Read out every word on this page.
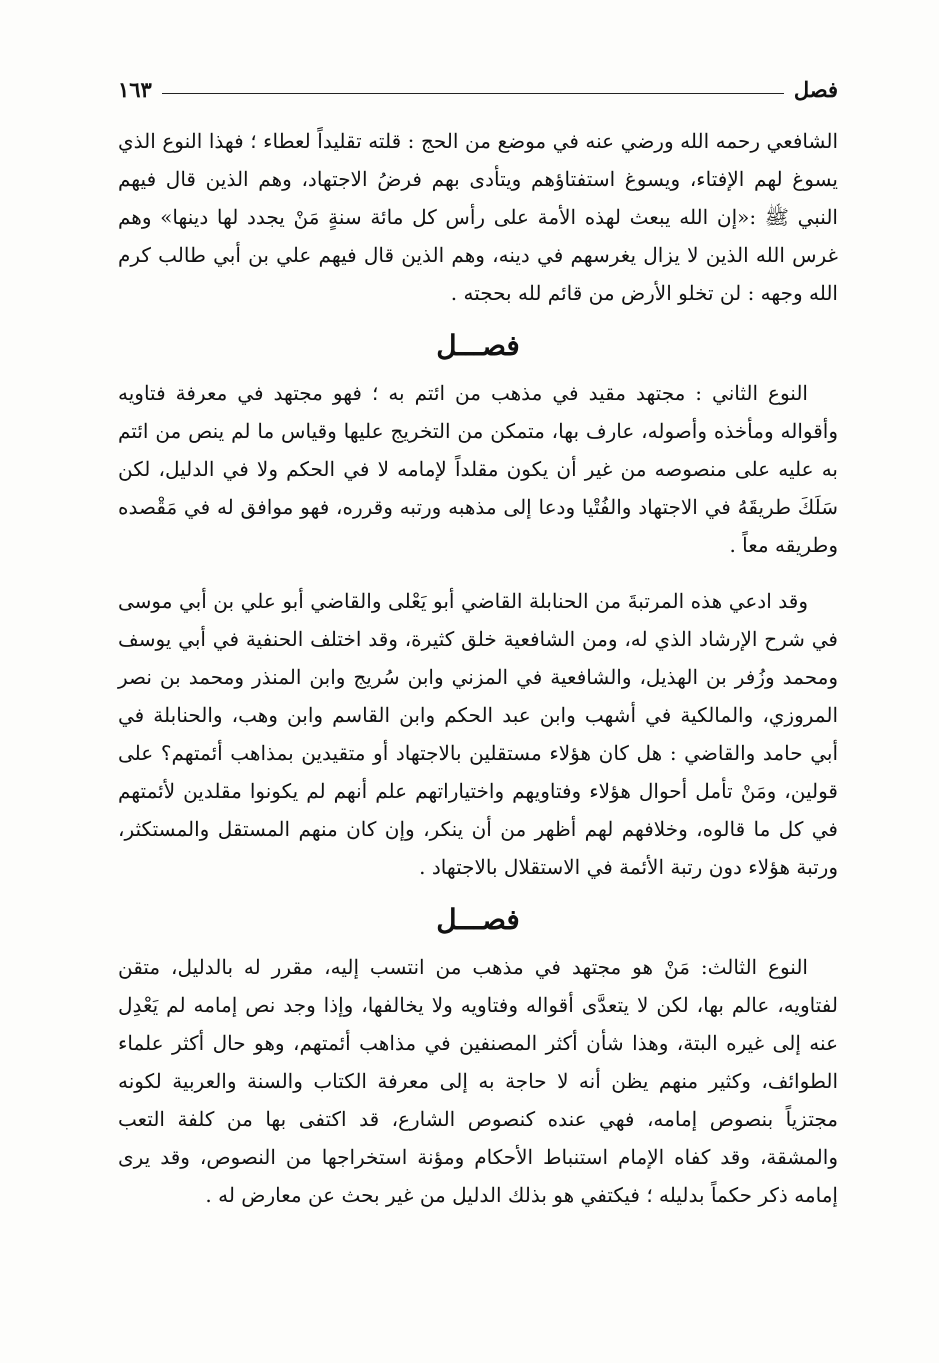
فصل
١٦٣

الشافعي رحمه الله ورضي عنه في موضع من الحج : قلته تقليداً لعطاء ؛ فهذا النوع الذي يسوغ لهم الإفتاء، ويسوغ استفتاؤهم ويتأدى بهم فرضُ الاجتهاد، وهم الذين قال فيهم النبي ﷺ :«إن الله يبعث لهذه الأمة على رأس كل مائة سنةٍ مَنْ يجدد لها دينها» وهم غرس الله الذين لا يزال يغرسهم في دينه، وهم الذين قال فيهم علي بن أبي طالب كرم الله وجهه : لن تخلو الأرض من قائم لله بحجته .

فصـــل

النوع الثاني : مجتهد مقيد في مذهب من ائتم به ؛ فهو مجتهد في معرفة فتاويه وأقواله ومأخذه وأصوله، عارف بها، متمكن من التخريج عليها وقياس ما لم ينص من ائتم به عليه على منصوصه من غير أن يكون مقلداً لإمامه لا في الحكم ولا في الدليل، لكن سَلَكَ طريقَهُ في الاجتهاد والفُتْيا ودعا إلى مذهبه ورتبه وقرره، فهو موافق له في مَقْصده وطريقه معاً .

وقد ادعي هذه المرتبةَ من الحنابلة القاضي أبو يَعْلى والقاضي أبو علي بن أبي موسى في شرح الإرشاد الذي له، ومن الشافعية خلق كثيرة، وقد اختلف الحنفية في أبي يوسف ومحمد وزُفر بن الهذيل، والشافعية في المزني وابن سُريج وابن المنذر ومحمد بن نصر المروزي، والمالكية في أشهب وابن عبد الحكم وابن القاسم وابن وهب، والحنابلة في أبي حامد والقاضي : هل كان هؤلاء مستقلين بالاجتهاد أو متقيدين بمذاهب أئمتهم؟ على قولين، ومَنْ تأمل أحوال هؤلاء وفتاويهم واختياراتهم علم أنهم لم يكونوا مقلدين لأئمتهم في كل ما قالوه، وخلافهم لهم أظهر من أن ينكر، وإن كان منهم المستقل والمستكثر، ورتبة هؤلاء دون رتبة الأئمة في الاستقلال بالاجتهاد .

فصـــل

النوع الثالث: مَنْ هو مجتهد في مذهب من انتسب إليه، مقرر له بالدليل، متقن لفتاويه، عالم بها، لكن لا يتعدَّى أقواله وفتاويه ولا يخالفها، وإذا وجد نص إمامه لم يَعْدِل عنه إلى غيره البتة، وهذا شأن أكثر المصنفين في مذاهب أئمتهم، وهو حال أكثر علماء الطوائف، وكثير منهم يظن أنه لا حاجة به إلى معرفة الكتاب والسنة والعربية لكونه مجتزياً بنصوص إمامه، فهي عنده كنصوص الشارع، قد اكتفى بها من كلفة التعب والمشقة، وقد كفاه الإمام استنباط الأحكام ومؤنة استخراجها من النصوص، وقد يرى إمامه ذكر حكماً بدليله ؛ فيكتفي هو بذلك الدليل من غير بحث عن معارض له .
